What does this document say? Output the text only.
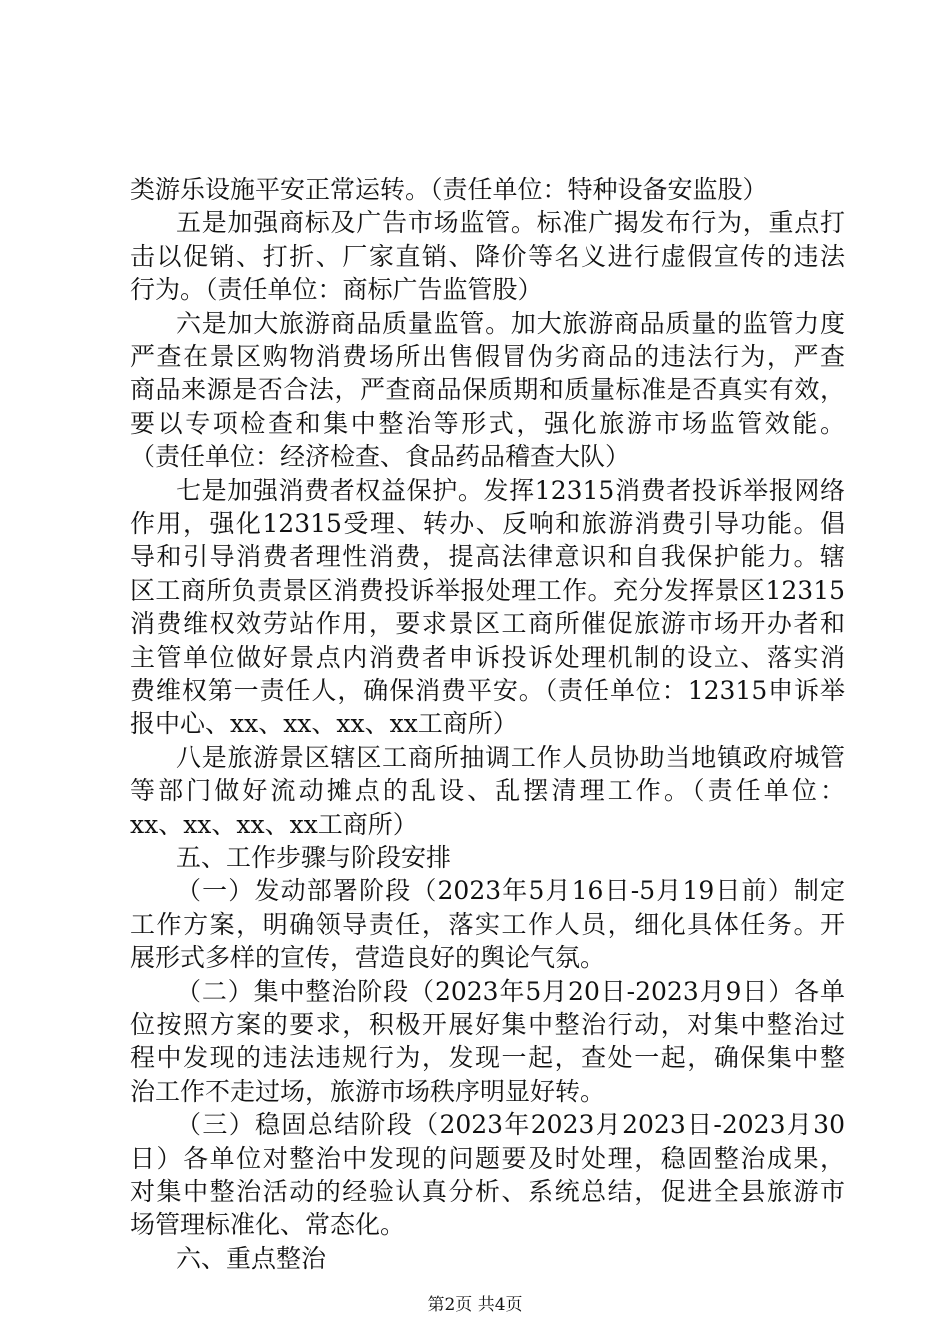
类游乐设施平安正常运转。（责任单位：特种设备安监股）
五是加强商标及广告市场监管。标准广揭发布行为，重点打
击以促销、打折、厂家直销、降价等名义进行虚假宣传的违法
行为。（责任单位：商标广告监管股）
六是加大旅游商品质量监管。加大旅游商品质量的监管力度
严查在景区购物消费场所出售假冒伪劣商品的违法行为，严查
商品来源是否合法，严查商品保质期和质量标准是否真实有效，
要以专项检查和集中整治等形式，强化旅游市场监管效能。
（责任单位：经济检查、食品药品稽查大队）
七是加强消费者权益保护。发挥12315消费者投诉举报网络
作用，强化12315受理、转办、反响和旅游消费引导功能。倡
导和引导消费者理性消费，提高法律意识和自我保护能力。辖
区工商所负责景区消费投诉举报处理工作。充分发挥景区12315
消费维权效劳站作用，要求景区工商所催促旅游市场开办者和
主管单位做好景点内消费者申诉投诉处理机制的设立、落实消
费维权第一责任人，确保消费平安。（责任单位：12315申诉举
报中心、xx、xx、xx、xx工商所）
八是旅游景区辖区工商所抽调工作人员协助当地镇政府城管
等部门做好流动摊点的乱设、乱摆清理工作。（责任单位：
xx、xx、xx、xx工商所）
五、工作步骤与阶段安排
（一）发动部署阶段（2023年5月16日-5月19日前）制定
工作方案，明确领导责任，落实工作人员，细化具体任务。开
展形式多样的宣传，营造良好的舆论气氛。
（二）集中整治阶段（2023年5月20日-2023月9日）各单
位按照方案的要求，积极开展好集中整治行动，对集中整治过
程中发现的违法违规行为，发现一起，查处一起，确保集中整
治工作不走过场，旅游市场秩序明显好转。
（三）稳固总结阶段（2023年2023月2023日-2023月30
日）各单位对整治中发现的问题要及时处理，稳固整治成果，
对集中整治活动的经验认真分析、系统总结，促进全县旅游市
场管理标准化、常态化。
六、重点整治
第2页 共4页
